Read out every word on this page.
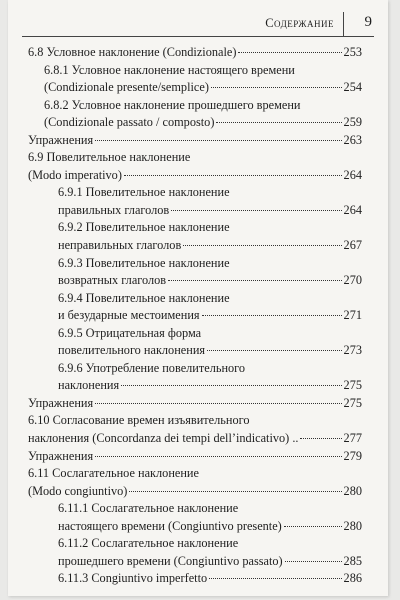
Содержание 9
6.8 Условное наклонение (Condizionale)	253
6.8.1 Условное наклонение настоящего времени
(Condizionale presente/semplice)	254
6.8.2 Условное наклонение прошедшего времени
(Condizionale passato / composto)	259
Упражнения	263
6.9 Повелительное наклонение
(Modo imperativo)	264
6.9.1 Повелительное наклонение
правильных глаголов	264
6.9.2 Повелительное наклонение
неправильных глаголов	267
6.9.3 Повелительное наклонение
возвратных глаголов	270
6.9.4 Повелительное наклонение
и безударные местоимения	271
6.9.5 Отрицательная форма
повелительного наклонения	273
6.9.6 Употребление повелительного
наклонения	275
Упражнения	275
6.10 Согласование времен изъявительного
наклонения (Concordanza dei tempi dell’indicativo) ..	277
Упражнения	279
6.11 Сослагательное наклонение
(Modo congiuntivo)	280
6.11.1 Сослагательное наклонение
настоящего времени (Congiuntivo presente)	280
6.11.2 Сослагательное наклонение
прошедшего времени (Congiuntivo passato)	285
6.11.3 Congiuntivo imperfetto	286
